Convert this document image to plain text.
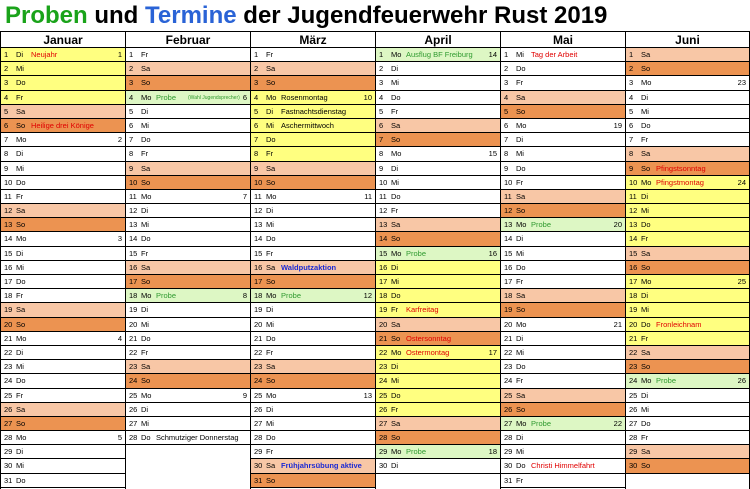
Proben und Termine der Jugendfeuerwehr Rust 2019
Januar
1 Di Neujahr	1
2 Mi
3 Do
4 Fr
5 Sa
6 So Heilige drei Könige
7 Mo	2
8 Di
9 Mi
10 Do
11 Fr
12 Sa
13 So
14 Mo	3
15 Di
16 Mi
17 Do
18 Fr
19 Sa
20 So
21 Mo	4
22 Di
23 Mi
24 Do
25 Fr
26 Sa
27 So
28 Mo	5
29 Di
30 Mi
31 Do
Februar
1 Fr
2 Sa
3 So
4 Mo Probe (Wahl Jugendsprecher) 6
5 Di
6 Mi
7 Do
8 Fr
9 Sa
10 So
11 Mo	7
12 Di
13 Mi
14 Do
15 Fr
16 Sa
17 So
18 Mo Probe	8
19 Di
20 Mi
21 Do
22 Fr
23 Sa
24 So
25 Mo	9
26 Di
27 Mi
28 Do Schmutziger Donnerstag
März
1 Fr
2 Sa
3 So
4 Mo Rosenmontag	10
5 Di Fastnachtsdienstag
6 Mi Aschermittwoch
7 Do
8 Fr
9 Sa
10 So
11 Mo	11
12 Di
13 Mi
14 Do
15 Fr
16 Sa Waldputzaktion
17 So
18 Mo Probe	12
19 Di
20 Mi
21 Do
22 Fr
23 Sa
24 So
25 Mo	13
26 Di
27 Mi
28 Do
29 Fr
30 Sa Frühjahrsübung aktive
31 So
April
1 Mo Ausflug BF Freiburg 14
2 Di
3 Mi
4 Do
5 Fr
6 Sa
7 So
8 Mo	15
9 Di
10 Mi
11 Do
12 Fr
13 Sa
14 So
15 Mo Probe	16
16 Di
17 Mi
18 Do
19 Fr Karfreitag
20 Sa
21 So Ostersonntag
22 Mo Ostermontag	17
23 Di
24 Mi
25 Do
26 Fr
27 Sa
28 So
29 Mo Probe	18
30 Di
Mai
1 Mi Tag der Arbeit
2 Do
3 Fr
4 Sa
5 So
6 Mo	19
7 Di
8 Mi
9 Do
10 Fr
11 Sa
12 So
13 Mo Probe	20
14 Di
15 Mi
16 Do
17 Fr
18 Sa
19 So
20 Mo	21
21 Di
22 Mi
23 Do
24 Fr
25 Sa
26 So
27 Mo Probe	22
28 Di
29 Mi
30 Do Christi Himmelfahrt
31 Fr
Juni
1 Sa
2 So
3 Mo	23
4 Di
5 Mi
6 Do
7 Fr
8 Sa
9 So Pfingstsonntag
10 Mo Pfingstmontag	24
11 Di
12 Mi
13 Do
14 Fr
15 Sa
16 So
17 Mo	25
18 Di
19 Mi
20 Do Fronleichnam
21 Fr
22 Sa
23 So
24 Mo Probe	26
25 Di
26 Mi
27 Do
28 Fr
29 Sa
30 So
